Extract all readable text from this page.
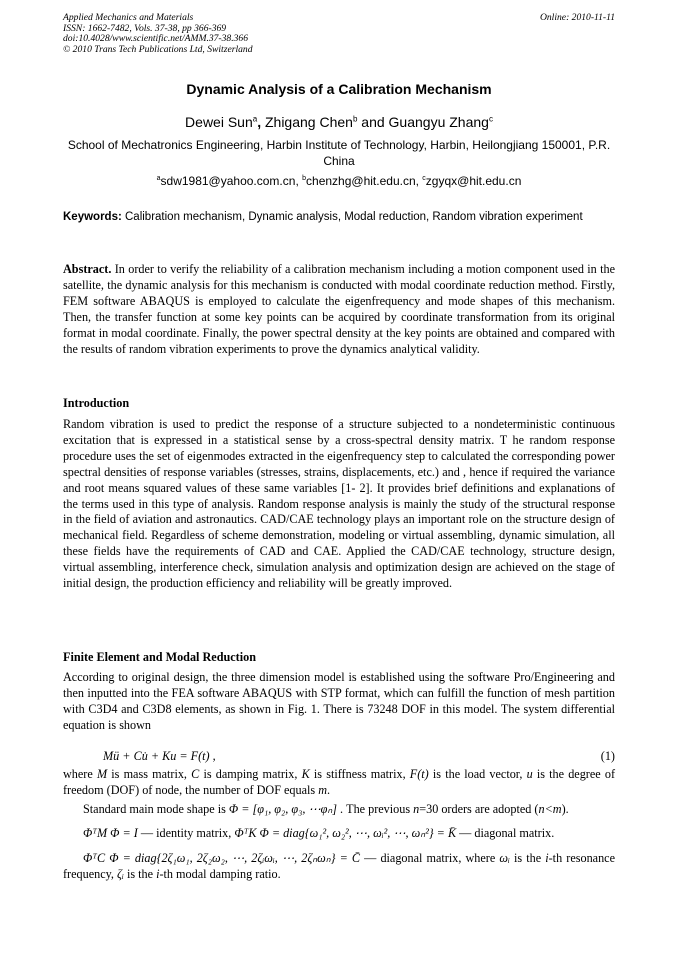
Applied Mechanics and Materials
ISSN: 1662-7482, Vols. 37-38, pp 366-369
doi:10.4028/www.scientific.net/AMM.37-38.366
© 2010 Trans Tech Publications Ltd, Switzerland
Online: 2010-11-11
Dynamic Analysis of a Calibration Mechanism
Dewei Sun$^a$, Zhigang Chen$^b$ and Guangyu Zhang$^c$
School of Mechatronics Engineering, Harbin Institute of Technology, Harbin, Heilongjiang 150001, P.R. China
$^a$sdw1981@yahoo.com.cn, $^b$chenzhg@hit.edu.cn, $^c$zgyqx@hit.edu.cn
Keywords: Calibration mechanism, Dynamic analysis, Modal reduction, Random vibration experiment
Abstract. In order to verify the reliability of a calibration mechanism including a motion component used in the satellite, the dynamic analysis for this mechanism is conducted with modal coordinate reduction method. Firstly, FEM software ABAQUS is employed to calculate the eigenfrequency and mode shapes of this mechanism. Then, the transfer function at some key points can be acquired by coordinate transformation from its original format in modal coordinate. Finally, the power spectral density at the key points are obtained and compared with the results of random vibration experiments to prove the dynamics analytical validity.
Introduction
Random vibration is used to predict the response of a structure subjected to a nondeterministic continuous excitation that is expressed in a statistical sense by a cross-spectral density matrix. T he random response procedure uses the set of eigenmodes extracted in the eigenfrequency step to calculated the corresponding power spectral densities of response variables (stresses, strains, displacements, etc.) and , hence if required the variance and root means squared values of these same variables [1- 2]. It provides brief definitions and explanations of the terms used in this type of analysis. Random response analysis is mainly the study of the structural response in the field of aviation and astronautics. CAD/CAE technology plays an important role on the structure design of mechanical field. Regardless of scheme demonstration, modeling or virtual assembling, dynamic simulation, all these fields have the requirements of CAD and CAE. Applied the CAD/CAE technology, structure design, virtual assembling, interference check, simulation analysis and optimization design are achieved on the stage of initial design, the production efficiency and reliability will be greatly improved.
Finite Element and Modal Reduction
According to original design, the three dimension model is established using the software Pro/Engineering and then inputted into the FEA software ABAQUS with STP format, which can fulfill the function of mesh partition with C3D4 and C3D8 elements, as shown in Fig. 1. There is 73248 DOF in this model. The system differential equation is shown
Mü + Cu̇ + Ku = F(t) ,	(1)
where M is mass matrix, C is damping matrix, K is stiffness matrix, F(t) is the load vector, u is the degree of freedom (DOF) of node, the number of DOF equals m.
Standard main mode shape is Φ = [φ₁, φ₂, φ₃, ⋯φₙ] . The previous n=30 orders are adopted (n<m).
ΦᵀM Φ = I — identity matrix, ΦᵀK Φ = diag{ω₁², ω₂², ⋯, ωᵢ², ⋯, ωₙ²} = K̄ — diagonal matrix.
ΦᵀC Φ = diag{2ζ₁ω₁, 2ζ₂ω₂, ⋯, 2ζᵢωᵢ, ⋯, 2ζₙωₙ} = C̄ — diagonal matrix, where ωᵢ is the i-th resonance frequency, ζᵢ is the i-th modal damping ratio.
